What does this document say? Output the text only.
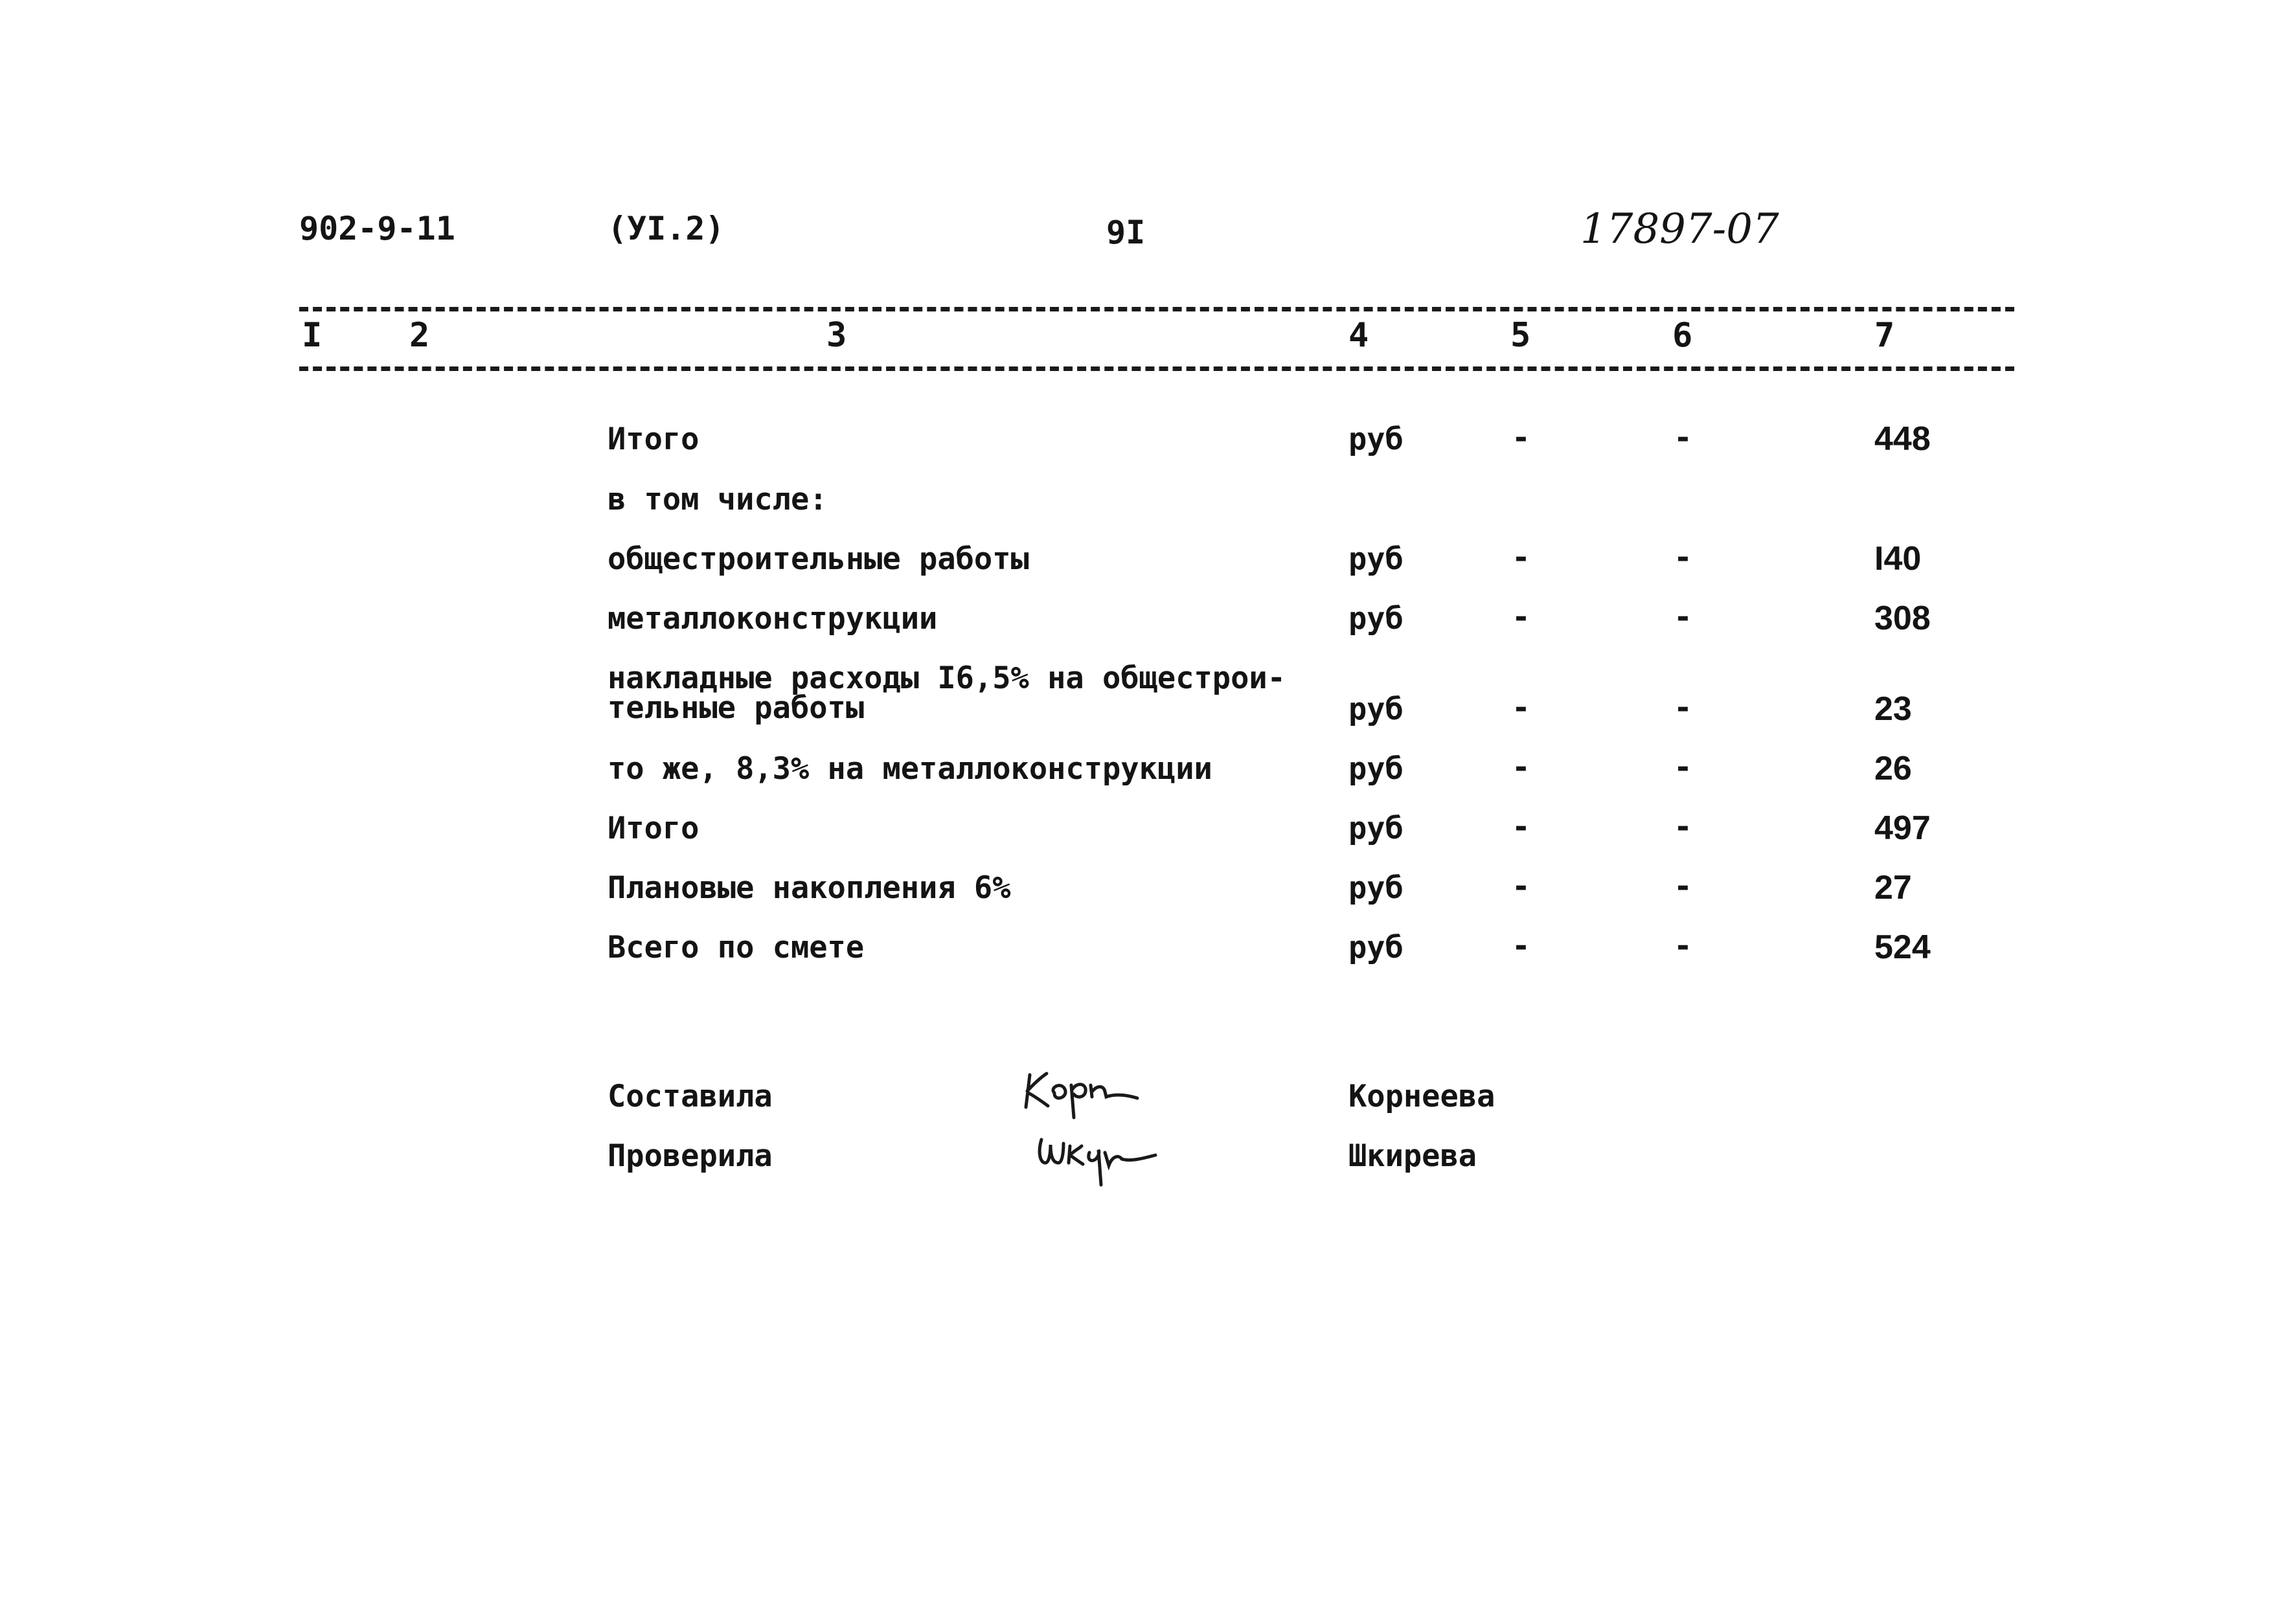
902-9-11	(УI.2)	9I	17897-07
I	2	3	4	5	6	7
Итого	руб	-	-	448
в том числе:
общестроительные работы	руб	-	-	I40
металлоконструкции	руб	-	-	308
накладные расходы I6,5% на общестрои-
тельные работы	руб	-	-	23
то же, 8,3% на металлоконструкции	руб	-	-	26
Итого	руб	-	-	497
Плановые накопления 6%	руб	-	-	27
Всего по смете	руб	-	-	524
Составила	Корнеева
Проверила	Шкирева
